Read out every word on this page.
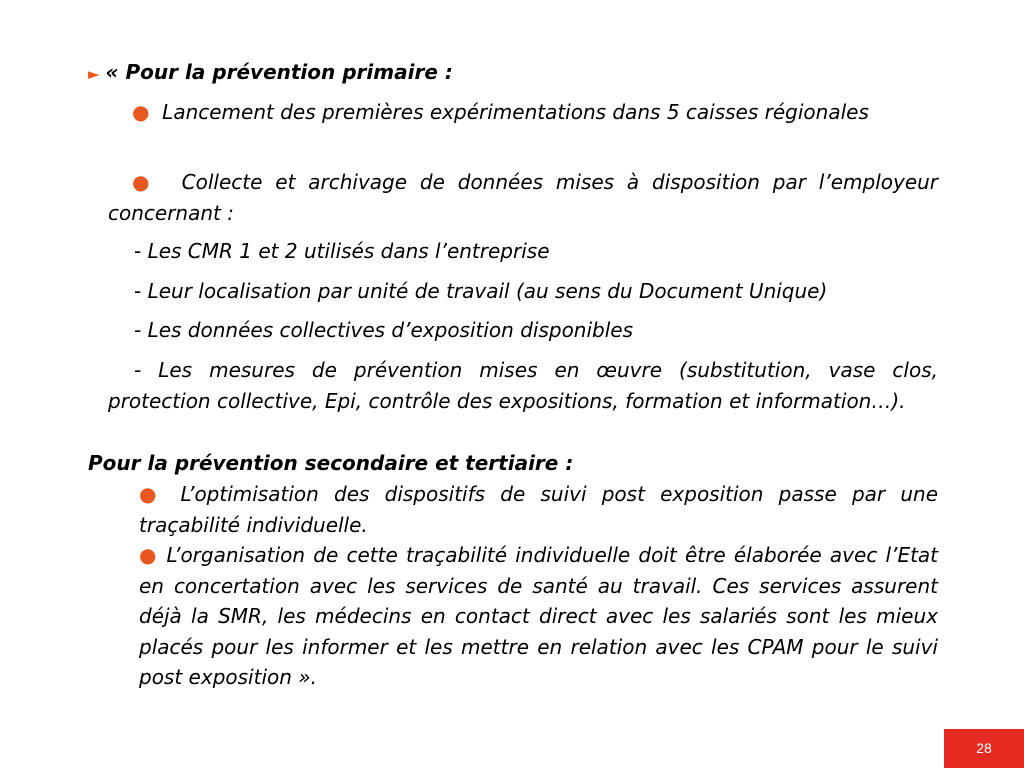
► « Pour la prévention primaire :

● Lancement des premières expérimentations dans 5 caisses régionales

● Collecte et archivage de données mises à disposition par l’employeur concernant :

- Les CMR 1 et 2 utilisés dans l’entreprise
- Leur localisation par unité de travail (au sens du Document Unique)
- Les données collectives d’exposition disponibles

- Les mesures de prévention mises en œuvre (substitution, vase clos, protection collective, Epi, contrôle des expositions, formation et information…).

Pour la prévention secondaire et tertiaire :

● L’optimisation des dispositifs de suivi post exposition passe par une traçabilité individuelle.

● L’organisation de cette traçabilité individuelle doit être élaborée avec l’Etat en concertation avec les services de santé au travail. Ces services assurent déjà la SMR, les médecins en contact direct avec les salariés sont les mieux placés pour les informer et les mettre en relation avec les CPAM pour le suivi post exposition ».

28
